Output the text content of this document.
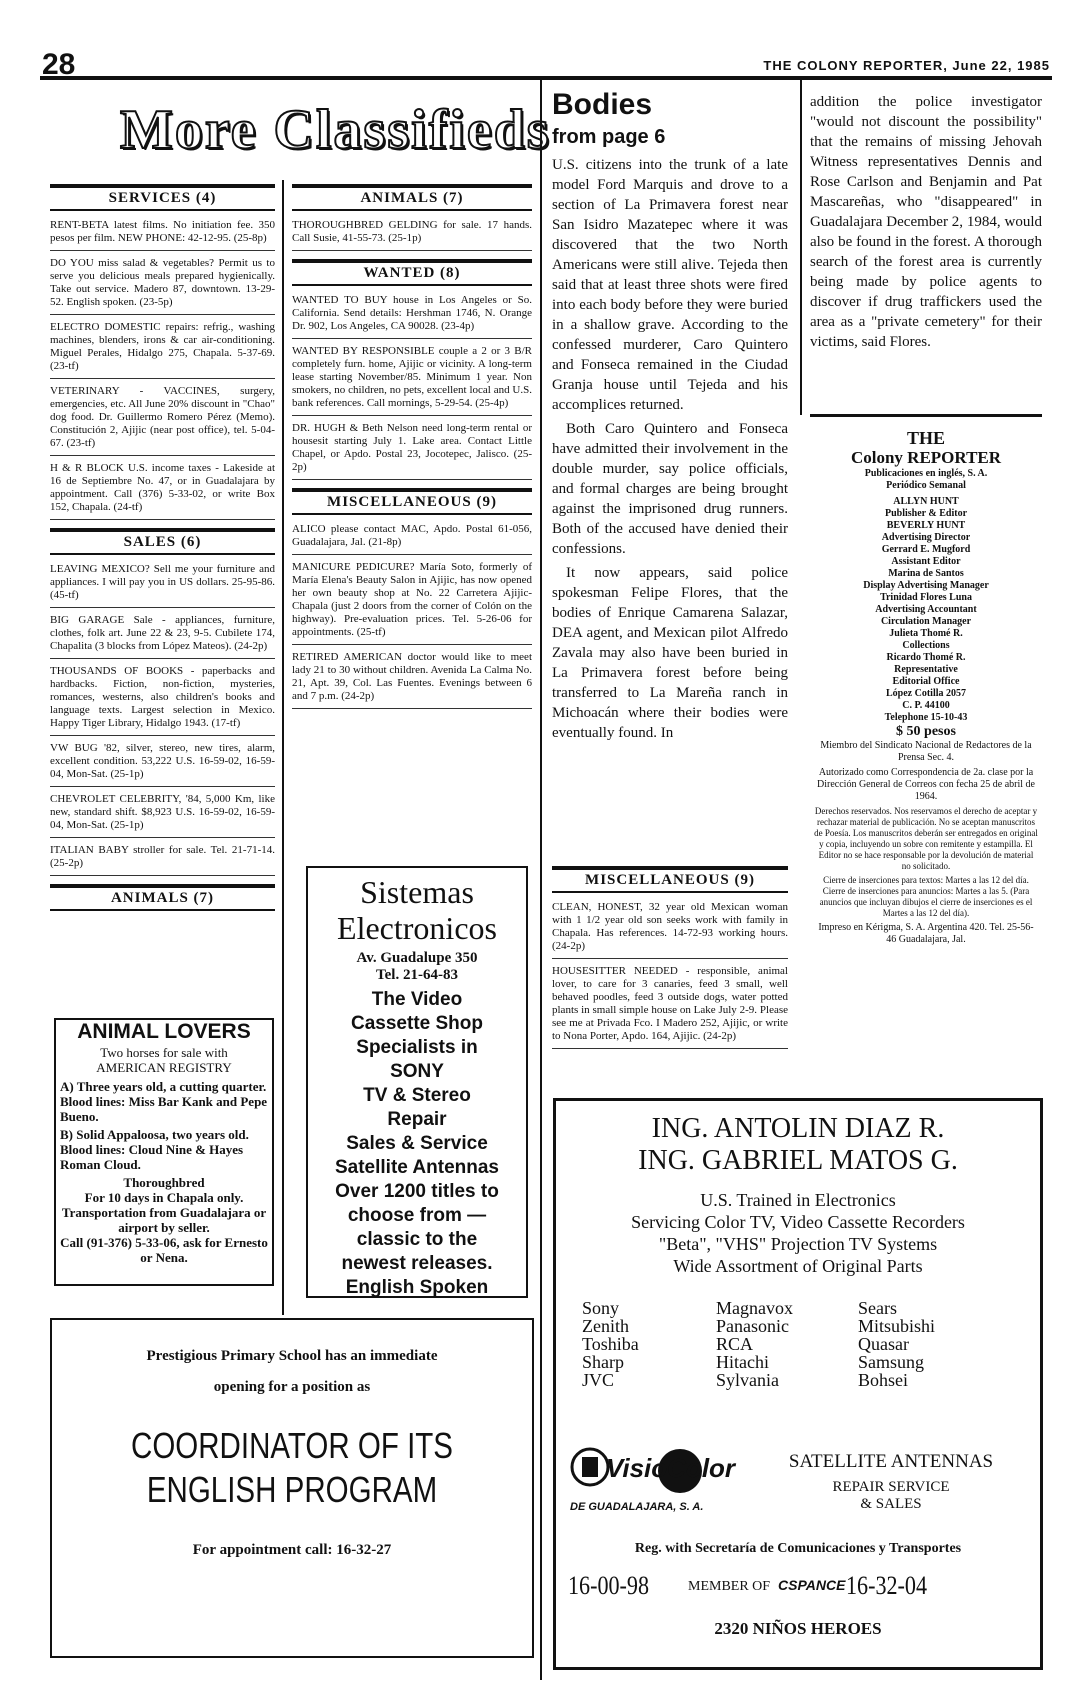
28	THE COLONY REPORTER, June 22, 1985
More Classifieds
SERVICES (4)
RENT-BETA latest films. No initiation fee. 350 pesos per film. NEW PHONE: 42-12-95. (25-8p)
DO YOU miss salad & vegetables? Permit us to serve you delicious meals prepared hygienically. Take out service. Madero 87, downtown. 13-29-52. English spoken. (23-5p)
ELECTRO DOMESTIC repairs: refrig., washing machines, blenders, irons & car air-conditioning. Miguel Perales, Hidalgo 275, Chapala. 5-37-69. (23-tf)
VETERINARY - VACCINES, surgery, emergencies, etc. All June 20% discount in "Chao" dog food. Dr. Guillermo Romero Pérez (Memo). Constitución 2, Ajijic (near post office), tel. 5-04-67. (23-tf)
H & R BLOCK U.S. income taxes - Lakeside at 16 de Septiembre No. 47, or in Guadalajara by appointment. Call (376) 5-33-02, or write Box 152, Chapala. (24-tf)
SALES (6)
LEAVING MEXICO? Sell me your furniture and appliances. I will pay you in US dollars. 25-95-86. (45-tf)
BIG GARAGE Sale - appliances, furniture, clothes, folk art. June 22 & 23, 9-5. Cubilete 174, Chapalita (3 blocks from López Mateos). (24-2p)
THOUSANDS OF BOOKS - paperbacks and hardbacks. Fiction, non-fiction, mysteries, romances, westerns, also children's books and language texts. Largest selection in Mexico. Happy Tiger Library, Hidalgo 1943. (17-tf)
VW BUG '82, silver, stereo, new tires, alarm, excellent condition. 53,222 U.S. 16-59-02, 16-59-04, Mon-Sat. (25-1p)
CHEVROLET CELEBRITY, '84, 5,000 Km, like new, standard shift. $8,923 U.S. 16-59-02, 16-59-04, Mon-Sat. (25-1p)
ITALIAN BABY stroller for sale. Tel. 21-71-14. (25-2p)
ANIMALS (7)
ANIMAL LOVERS
Two horses for sale with
AMERICAN REGISTRY
A) Three years old, a cutting quarter. Blood lines: Miss Bar Kank and Pepe Bueno.
B) Solid Appaloosa, two years old. Blood lines: Cloud Nine & Hayes Roman Cloud.
Thoroughbred
For 10 days in Chapala only.
Transportation from Guadalajara or airport by seller.
Call (91-376) 5-33-06, ask for Ernesto or Nena.
ANIMALS (7)
THOROUGHBRED GELDING for sale. 17 hands. Call Susie, 41-55-73. (25-1p)
WANTED (8)
WANTED TO BUY house in Los Angeles or So. California. Send details: Hershman 1746, N. Orange Dr. 902, Los Angeles, CA 90028. (23-4p)
WANTED BY RESPONSIBLE couple a 2 or 3 B/R completely furn. home, Ajijic or vicinity. A long-term lease starting November/85. Minimum 1 year. Non smokers, no children, no pets, excellent local and U.S. bank references. Call mornings, 5-29-54. (25-4p)
DR. HUGH & Beth Nelson need long-term rental or housesit starting July 1. Lake area. Contact Little Chapel, or Apdo. Postal 23, Jocotepec, Jalisco. (25-2p)
MISCELLANEOUS (9)
ALICO please contact MAC, Apdo. Postal 61-056, Guadalajara, Jal. (21-8p)
MANICURE PEDICURE? María Soto, formerly of María Elena's Beauty Salon in Ajijic, has now opened her own beauty shop at No. 22 Carretera Ajijic-Chapala (just 2 doors from the corner of Colón on the highway). Pre-evaluation prices. Tel. 5-26-06 for appointments. (25-tf)
RETIRED AMERICAN doctor would like to meet lady 21 to 30 without children. Avenida La Calma No. 21, Apt. 39, Col. Las Fuentes. Evenings between 6 and 7 p.m. (24-2p)
Sistemas
Electronicos
Av. Guadalupe 350
Tel. 21-64-83
The Video
Cassette Shop
Specialists in
SONY
TV & Stereo
Repair
Sales & Service
Satellite Antennas
Over 1200 titles to
choose from —
classic to the
newest releases.
English Spoken
Prestigious Primary School has an immediate
opening for a position as
COORDINATOR OF ITS
ENGLISH PROGRAM
For appointment call: 16-32-27
Bodies
from page 6

U.S. citizens into the trunk of a late model Ford Marquis and drove to a section of La Primavera forest near San Isidro Mazatepec where it was discovered that the two North Americans were still alive. Tejeda then said that at least three shots were fired into each body before they were buried in a shallow grave. According to the confessed murderer, Caro Quintero and Fonseca remained in the Ciudad Granja house until Tejeda and his accomplices returned.

Both Caro Quintero and Fonseca have admitted their involvement in the double murder, say police officials, and formal charges are being brought against the imprisoned drug runners. Both of the accused have denied their confessions.

It now appears, said police spokesman Felipe Flores, that the bodies of Enrique Camarena Salazar, DEA agent, and Mexican pilot Alfredo Zavala may also have been buried in La Primavera forest before being transferred to La Mareña ranch in Michoacán where their bodies were eventually found. In

addition the police investigator "would not discount the possibility" that the remains of missing Jehovah Witness representatives Dennis and Rose Carlson and Benjamin and Pat Mascareñas, who "disappeared" in Guadalajara December 2, 1984, would also be found in the forest. A thorough search of the forest area is currently being made by police agents to discover if drug traffickers used the area as a "private cemetery" for their victims, said Flores.

MISCELLANEOUS (9)
CLEAN, HONEST, 32 year old Mexican woman with 1 1/2 year old son seeks work with family in Chapala. Has references. 14-72-93 working hours. (24-2p)
HOUSESITTER NEEDED - responsible, animal lover, to care for 3 canaries, feed 3 small, well behaved poodles, feed 3 outside dogs, water potted plants in small simple house on Lake July 2-9. Please see me at Privada Fco. I Madero 252, Ajijic, or write to Nona Porter, Apdo. 164, Ajijic. (24-2p)
THE
Colony REPORTER
Publicaciones en inglés, S. A.
Periódico Semanal
ALLYN HUNT
Publisher & Editor
BEVERLY HUNT
Advertising Director
Gerrard E. Mugford
Assistant Editor
Marina de Santos
Display Advertising Manager
Trinidad Flores Luna
Advertising Accountant
Circulation Manager
Julieta Thomé R.
Collections
Ricardo Thomé R.
Representative
Editorial Office
López Cotilla 2057
C. P. 44100
Telephone 15-10-43
$ 50 pesos
Miembro del Sindicato Nacional de Redactores de la Prensa Sec. 4.
Autorizado como Correspondencia de 2a. clase por la Dirección General de Correos con fecha 25 de abril de 1964.
Derechos reservados. Nos reservamos el derecho de aceptar y rechazar material de publicación. No se aceptan manuscritos de Poesía. Los manuscritos deberán ser entregados en original y copia, incluyendo un sobre con remitente y estampilla. El Editor no se hace responsable por la devolución de material no solicitado.
Cierre de inserciones para textos: Martes a las 12 del día. Cierre de inserciones para anuncios: Martes a las 5. (Para anuncios que incluyan dibujos el cierre de inserciones es el Martes a las 12 del día).
Impreso en Kérigma, S. A. Argentina 420. Tel. 25-56-46 Guadalajara, Jal.
ING. ANTOLIN DIAZ R.
ING. GABRIEL MATOS G.
U.S. Trained in Electronics
Servicing Color TV, Video Cassette Recorders
"Beta", "VHS" Projection TV Systems
Wide Assortment of Original Parts
Sony
Zenith
Toshiba
Sharp
JVC
Magnavox
Panasonic
RCA
Hitachi
Sylvania
Sears
Mitsubishi
Quasar
Samsung
Bohsei
VisioColor
DE GUADALAJARA, S. A.
SATELLITE ANTENNAS
REPAIR SERVICE
& SALES
Reg. with Secretaría de Comunicaciones y Transportes
16-00-98	MEMBER OF CSPANCE 16-32-04
2320 NIÑOS HEROES
